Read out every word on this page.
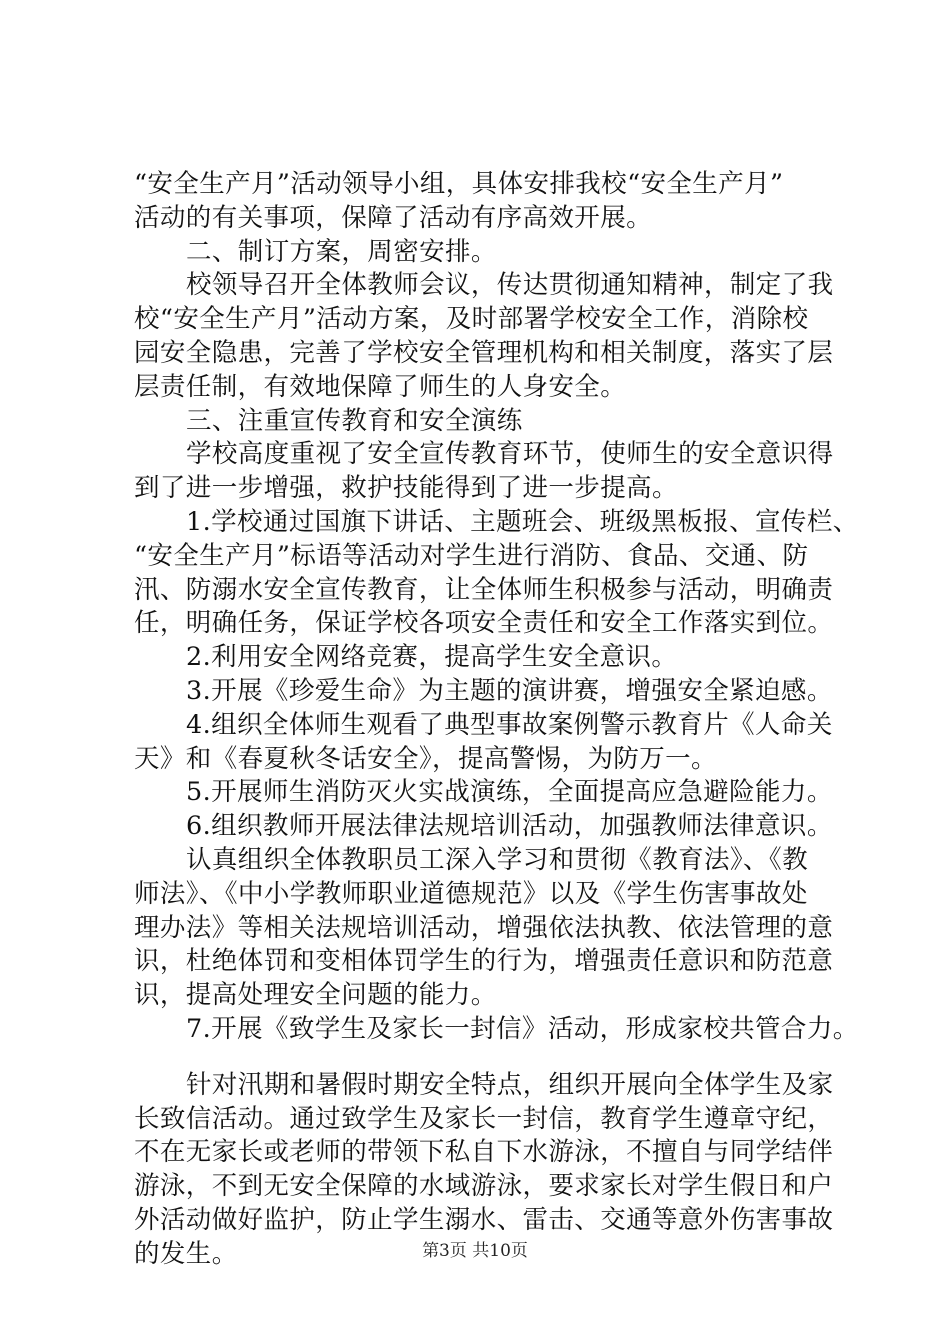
“安全生产月”活动领导小组，具体安排我校“安全生产月”
活动的有关事项，保障了活动有序高效开展。
二、制订方案，周密安排。
校领导召开全体教师会议，传达贯彻通知精神，制定了我
校“安全生产月”活动方案，及时部署学校安全工作，消除校
园安全隐患，完善了学校安全管理机构和相关制度，落实了层
层责任制，有效地保障了师生的人身安全。
三、注重宣传教育和安全演练
学校高度重视了安全宣传教育环节，使师生的安全意识得
到了进一步增强，救护技能得到了进一步提高。
1.学校通过国旗下讲话、主题班会、班级黑板报、宣传栏、
“安全生产月”标语等活动对学生进行消防、食品、交通、防
汛、防溺水安全宣传教育，让全体师生积极参与活动，明确责
任，明确任务，保证学校各项安全责任和安全工作落实到位。
2.利用安全网络竞赛，提高学生安全意识。
3.开展《珍爱生命》为主题的演讲赛，增强安全紧迫感。
4.组织全体师生观看了典型事故案例警示教育片《人命关
天》和《春夏秋冬话安全》，提高警惕，为防万一。
5.开展师生消防灭火实战演练，全面提高应急避险能力。
6.组织教师开展法律法规培训活动，加强教师法律意识。
认真组织全体教职员工深入学习和贯彻《教育法》、《教
师法》、《中小学教师职业道德规范》以及《学生伤害事故处
理办法》等相关法规培训活动，增强依法执教、依法管理的意
识，杜绝体罚和变相体罚学生的行为，增强责任意识和防范意
识，提高处理安全问题的能力。
7.开展《致学生及家长一封信》活动，形成家校共管合力。
针对汛期和暑假时期安全特点，组织开展向全体学生及家
长致信活动。通过致学生及家长一封信，教育学生遵章守纪，
不在无家长或老师的带领下私自下水游泳，不擅自与同学结伴
游泳，不到无安全保障的水域游泳，要求家长对学生假日和户
外活动做好监护，防止学生溺水、雷击、交通等意外伤害事故
的发生。	第3页 共10页
